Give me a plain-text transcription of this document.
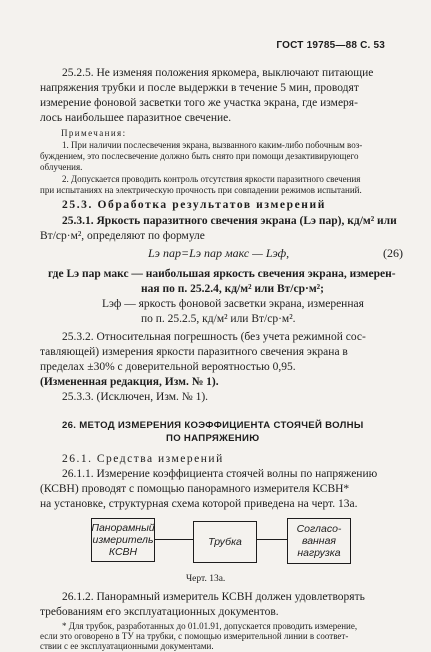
ГОСТ 19785—88 С. 53
25.2.5. Не изменяя положения яркомера, выключают питающие
напряжения трубки и после выдержки в течение 5 мин, проводят
измерение фоновой засветки того же участка экрана, где измеря-
лось наибольшее паразитное свечение.
Примечания:
1. При наличии послесвечения экрана, вызванного каким-либо побочным воз-
буждением, это послесвечение должно быть снято при помощи дезактивирующего
облучения.
2. Допускается проводить контроль отсутствия яркости паразитного свечения
при испытаниях на электрическую прочность при совпадении режимов испытаний.
25.3. Обработка результатов измерений
25.3.1. Яркость паразитного свечения экрана (Lэ пар), кд/м² или
Вт/ср·м², определяют по формуле
Lэ пар=Lэ пар макс — Lэф,	(26)
где Lэ пар макс — наибольшая яркость свечения экрана, измерен-
ная по п. 25.2.4, кд/м² или Вт/ср·м²;
Lэф — яркость фоновой засветки экрана, измеренная
по п. 25.2.5, кд/м² или Вт/ср·м².
25.3.2. Относительная погрешность (без учета режимной сос-
тавляющей) измерения яркости паразитного свечения экрана в
пределах ±30% с доверительной вероятностью 0,95.
(Измененная редакция, Изм. № 1).
25.3.3. (Исключен, Изм. № 1).
26. МЕТОД ИЗМЕРЕНИЯ КОЭФФИЦИЕНТА СТОЯЧЕЙ ВОЛНЫ
ПО НАПРЯЖЕНИЮ
26.1. Средства измерений
26.1.1. Измерение коэффициента стоячей волны по напряжению
(КСВН) проводят с помощью панорамного измерителя КСВН*
на установке, структурная схема которой приведена на черт. 13а.
Панорамный
измеритель
КСВН
Трубка
Согласо-
ванная
нагрузка
Черт. 13а.
26.1.2. Панорамный измеритель КСВН должен удовлетворять
требованиям его эксплуатационных документов.
* Для трубок, разработанных до 01.01.91, допускается проводить измерение,
если это оговорено в ТУ на трубки, с помощью измерительной линии в соответ-
ствии с ее эксплуатационными документами.
